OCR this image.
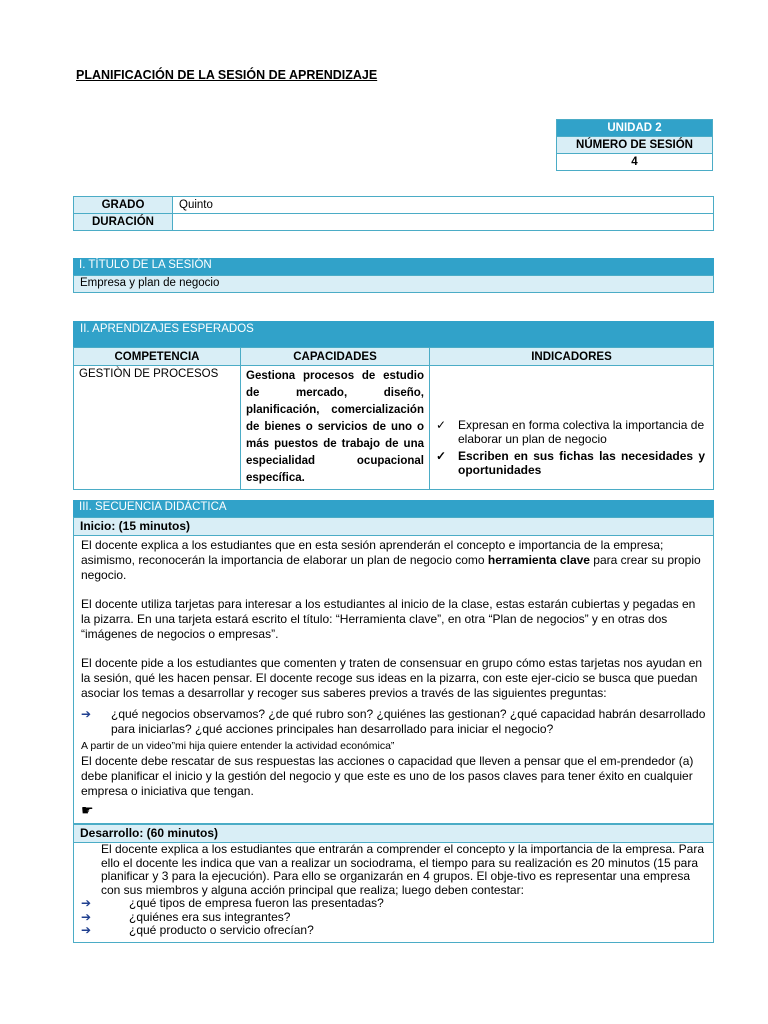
PLANIFICACIÓN DE LA SESIÓN DE APRENDIZAJE
UNIDAD 2
NÚMERO DE SESIÓN
4
GRADO	Quinto
DURACIÓN	
I. TÍTULO DE LA SESIÓN
Empresa y plan de negocio
II. APRENDIZAJES ESPERADOS
COMPETENCIA	CAPACIDADES	INDICADORES
GESTIÒN DE PROCESOS	Gestiona procesos de estudio de mercado, diseño, planificación, comercialización de bienes o servicios de uno o más puestos de trabajo de una especialidad ocupacional específica.	✓ Expresan en forma colectiva la importancia de elaborar un plan de negocio
✓ Escriben en sus fichas las necesidades y oportunidades
III. SECUENCIA DIDÁCTICA
Inicio: (15 minutos)

El docente explica a los estudiantes que en esta sesión aprenderán el concepto e importancia de la empresa; asimismo, reconocerán la importancia de elaborar un plan de negocio como herramienta clave para crear su propio negocio.

El docente utiliza tarjetas para interesar a los estudiantes al inicio de la clase, estas estarán cubiertas y pegadas en la pizarra. En una tarjeta estará escrito el título: “Herramienta clave”, en otra “Plan de negocios” y en otras dos “imágenes de negocios o empresas”.

El docente pide a los estudiantes que comenten y traten de consensuar en grupo cómo estas tarjetas nos ayudan en la sesión, qué les hacen pensar. El docente recoge sus ideas en la pizarra, con este ejer-cicio se busca que puedan asociar los temas a desarrollar y recoger sus saberes previos a través de las siguientes preguntas:

➔	¿qué negocios observamos? ¿de qué rubro son? ¿quiénes las gestionan? ¿qué capacidad habrán desarrollado para iniciarlas? ¿qué acciones principales han desarrollado para iniciar el negocio?
A partir de un video”mi hija quiere entender la actividad económica”

El docente debe rescatar de sus respuestas las acciones o capacidad que lleven a pensar que el em-prendedor (a) debe planificar el inicio y la gestión del negocio y que este es uno de los pasos claves para tener éxito en cualquier empresa o iniciativa que tengan.

☛
Desarrollo: (60 minutos)

El docente explica a los estudiantes que entrarán a comprender el concepto y la importancia de la empresa. Para ello el docente les indica que van a realizar un sociodrama, el tiempo para su realización es 20 minutos (15 para planificar y 3 para la ejecución). Para ello se organizarán en 4 grupos. El obje-tivo es representar una empresa con sus miembros y alguna acción principal que realiza; luego deben contestar:

➔	¿qué tipos de empresa fueron las presentadas?
➔	¿quiénes era sus integrantes?
➔	¿qué producto o servicio ofrecían?
